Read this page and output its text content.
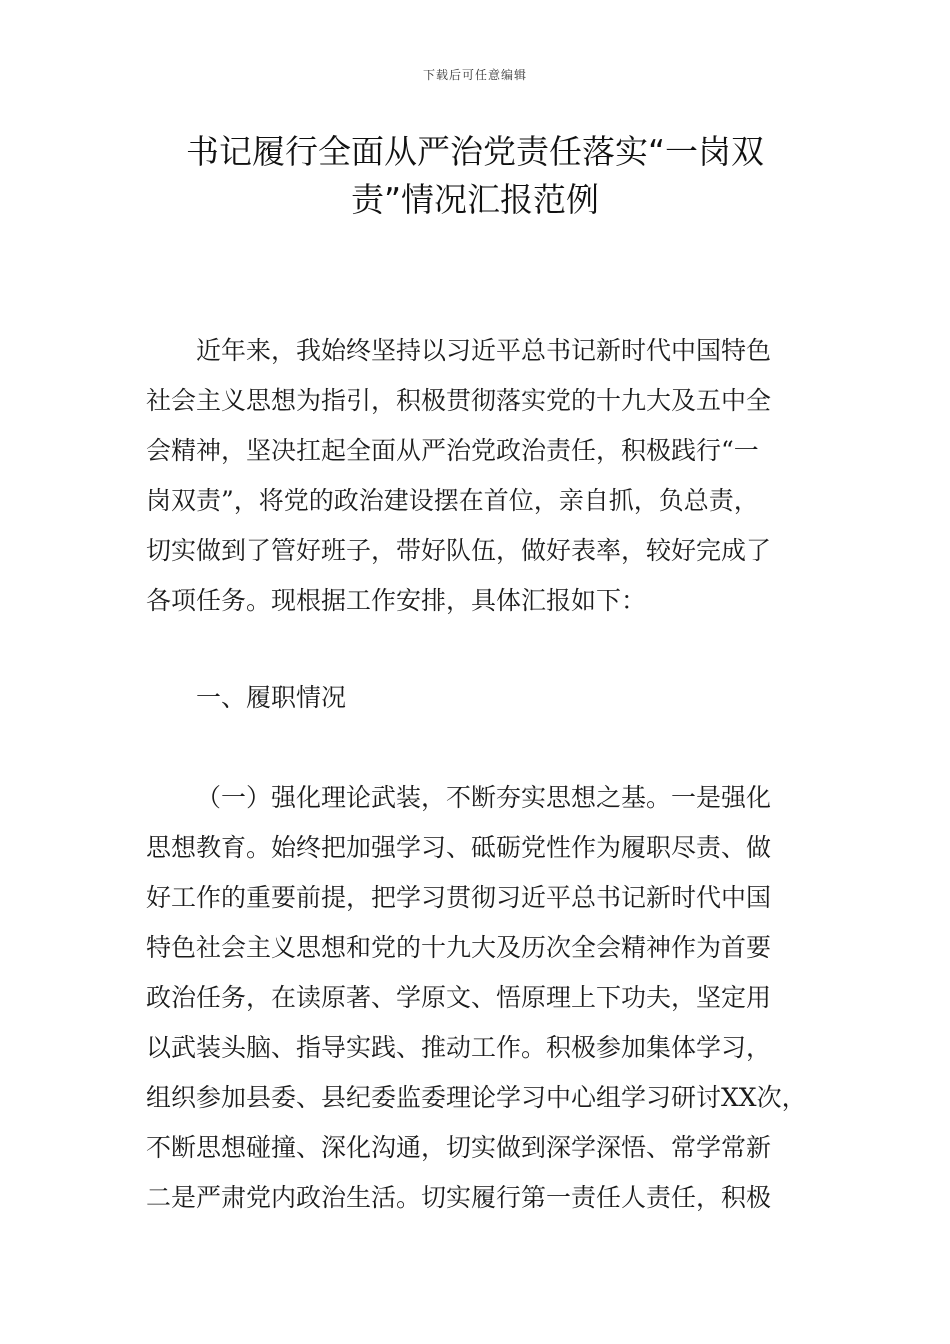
下载后可任意编辑
书记履行全面从严治党责任落实“一岗双
责”情况汇报范例
近年来，我始终坚持以习近平总书记新时代中国特色
社会主义思想为指引，积极贯彻落实党的十九大及五中全
会精神，坚决扛起全面从严治党政治责任，积极践行“一
岗双责”，将党的政治建设摆在首位，亲自抓，负总责，
切实做到了管好班子，带好队伍，做好表率，较好完成了
各项任务。现根据工作安排，具体汇报如下：
一、履职情况
（一）强化理论武装，不断夯实思想之基。一是强化
思想教育。始终把加强学习、砥砺党性作为履职尽责、做
好工作的重要前提，把学习贯彻习近平总书记新时代中国
特色社会主义思想和党的十九大及历次全会精神作为首要
政治任务，在读原著、学原文、悟原理上下功夫，坚定用
以武装头脑、指导实践、推动工作。积极参加集体学习，
组织参加县委、县纪委监委理论学习中心组学习研讨XX次，
不断思想碰撞、深化沟通，切实做到深学深悟、常学常新
二是严肃党内政治生活。切实履行第一责任人责任，积极
